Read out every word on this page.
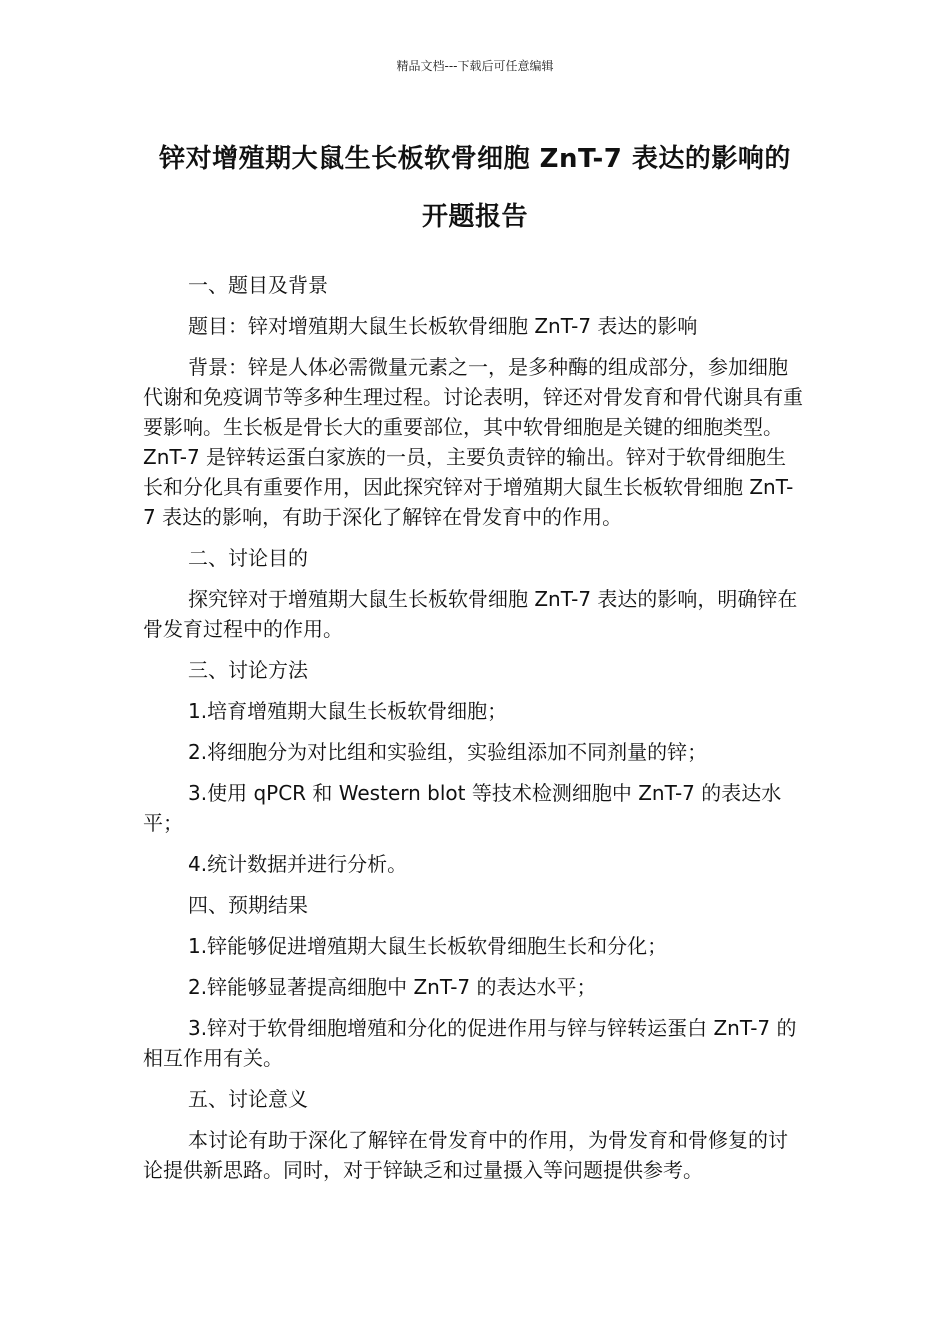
精品文档---下载后可任意编辑
锌对增殖期大鼠生长板软骨细胞 ZnT-7 表达的影响的
开题报告

一、题目及背景

题目：锌对增殖期大鼠生长板软骨细胞 ZnT-7 表达的影响

背景：锌是人体必需微量元素之一，是多种酶的组成部分，参加细胞代谢和免疫调节等多种生理过程。讨论表明，锌还对骨发育和骨代谢具有重要影响。生长板是骨长大的重要部位，其中软骨细胞是关键的细胞类型。ZnT-7 是锌转运蛋白家族的一员，主要负责锌的输出。锌对于软骨细胞生长和分化具有重要作用，因此探究锌对于增殖期大鼠生长板软骨细胞 ZnT-7 表达的影响，有助于深化了解锌在骨发育中的作用。

二、讨论目的

探究锌对于增殖期大鼠生长板软骨细胞 ZnT-7 表达的影响，明确锌在骨发育过程中的作用。

三、讨论方法

1.培育增殖期大鼠生长板软骨细胞；

2.将细胞分为对比组和实验组，实验组添加不同剂量的锌；

3.使用 qPCR 和 Western blot 等技术检测细胞中 ZnT-7 的表达水平；

4.统计数据并进行分析。

四、预期结果

1.锌能够促进增殖期大鼠生长板软骨细胞生长和分化；

2.锌能够显著提高细胞中 ZnT-7 的表达水平；

3.锌对于软骨细胞增殖和分化的促进作用与锌与锌转运蛋白 ZnT-7 的相互作用有关。

五、讨论意义

本讨论有助于深化了解锌在骨发育中的作用，为骨发育和骨修复的讨论提供新思路。同时，对于锌缺乏和过量摄入等问题提供参考。
